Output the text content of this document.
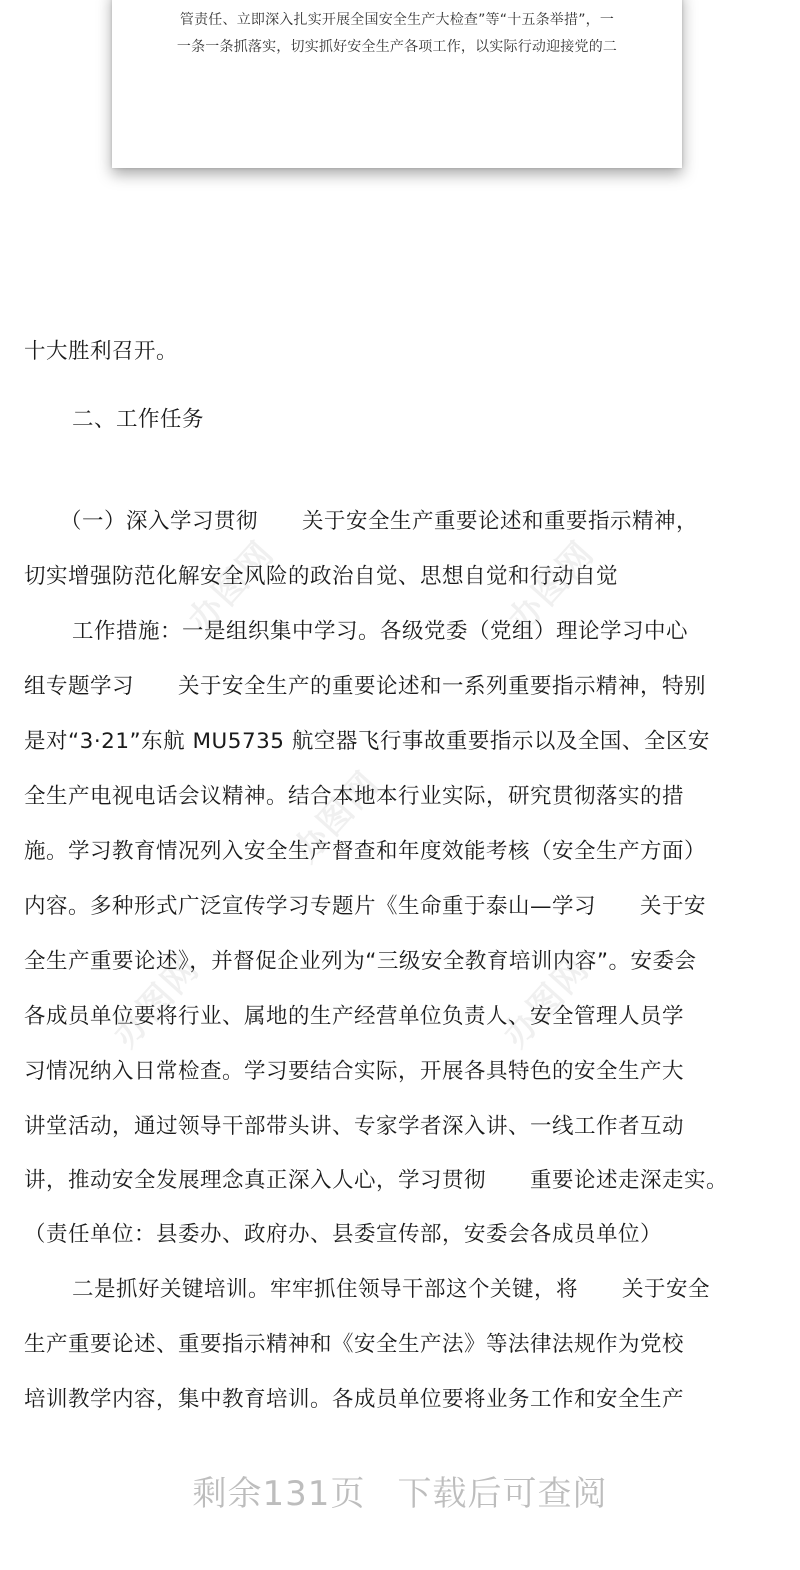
管责任、立即深入扎实开展全国安全生产大检查”等“十五条举措”，一
一条一条抓落实，切实抓好安全生产各项工作，以实际行动迎接党的二
办图网	办图网
办图网
办图网	办图网
十大胜利召开。
二、工作任务
（一）深入学习贯彻　　关于安全生产重要论述和重要指示精神，
切实增强防范化解安全风险的政治自觉、思想自觉和行动自觉
工作措施：一是组织集中学习。各级党委（党组）理论学习中心
组专题学习　　关于安全生产的重要论述和一系列重要指示精神，特别
是对“3·21”东航 MU5735 航空器飞行事故重要指示以及全国、全区安
全生产电视电话会议精神。结合本地本行业实际，研究贯彻落实的措
施。学习教育情况列入安全生产督查和年度效能考核（安全生产方面）
内容。多种形式广泛宣传学习专题片《生命重于泰山—学习　　关于安
全生产重要论述》，并督促企业列为“三级安全教育培训内容”。安委会
各成员单位要将行业、属地的生产经营单位负责人、安全管理人员学
习情况纳入日常检查。学习要结合实际，开展各具特色的安全生产大
讲堂活动，通过领导干部带头讲、专家学者深入讲、一线工作者互动
讲，推动安全发展理念真正深入人心，学习贯彻　　重要论述走深走实。
（责任单位：县委办、政府办、县委宣传部，安委会各成员单位）
二是抓好关键培训。牢牢抓住领导干部这个关键，将　　关于安全
生产重要论述、重要指示精神和《安全生产法》等法律法规作为党校
培训教学内容，集中教育培训。各成员单位要将业务工作和安全生产
剩余131页 下载后可查阅
